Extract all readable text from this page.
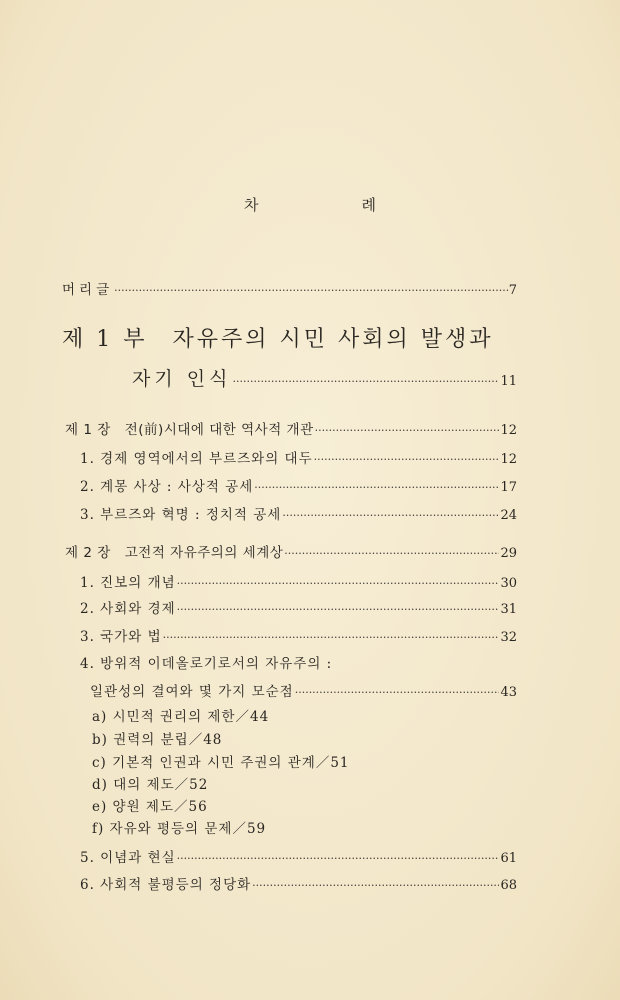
차　례
머리글 ·····	7
제 1 부　자유주의 시민 사회의 발생과
자기 인식 ·····	11
제 1 장　전(前)시대에 대한 역사적 개관 ·····	12
1. 경제 영역에서의 부르즈와의 대두 ·····	12
2. 계몽 사상 : 사상적 공세 ·····	17
3. 부르즈와 혁명 : 정치적 공세 ·····	24
제 2 장　고전적 자유주의의 세계상 ·····	29
1. 진보의 개념 ·····	30
2. 사회와 경제 ·····	31
3. 국가와 법 ·····	32
4. 방위적 이데올로기로서의 자유주의 :
일관성의 결여와 몇 가지 모순점 ·····	43
a) 시민적 권리의 제한／44
b) 권력의 분립／48
c) 기본적 인권과 시민 주권의 관계／51
d) 대의 제도／52
e) 양원 제도／56
f) 자유와 평등의 문제／59
5. 이념과 현실 ·····	61
6. 사회적 불평등의 정당화 ·····	68
